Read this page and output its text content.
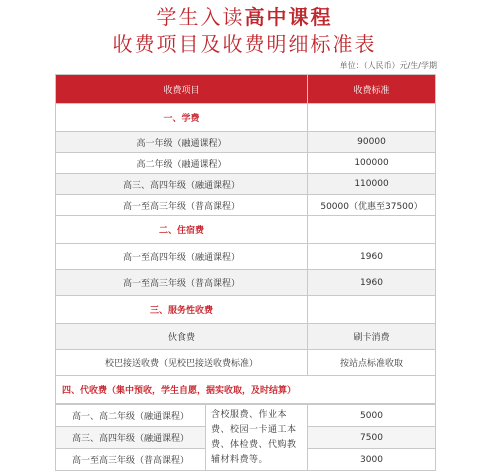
学生入读高中课程
收费项目及收费明细标准表
单位：（人民币）元/生/学期
收费项目	收费标准
一、学费	
高一年级（融通课程）	90000
高二年级（融通课程）	100000
高三、高四年级（融通课程）	110000
高一至高三年级（普高课程）	50000（优惠至37500）
二、住宿费	
高一至高四年级（融通课程）	1960
高一至高三年级（普高课程）	1960
三、服务性收费	
伙食费	刷卡消费
校巴接送收费（见校巴接送收费标准）	按站点标准收取
四、代收费（集中预收，学生自愿，据实收取，及时结算）	
高一、高二年级（融通课程）	含校服费、作业本费、校园一卡通工本费、体检费、代购教辅材料费等。	5000
高三、高四年级（融通课程）		7500
高一至高三年级（普高课程）		3000
